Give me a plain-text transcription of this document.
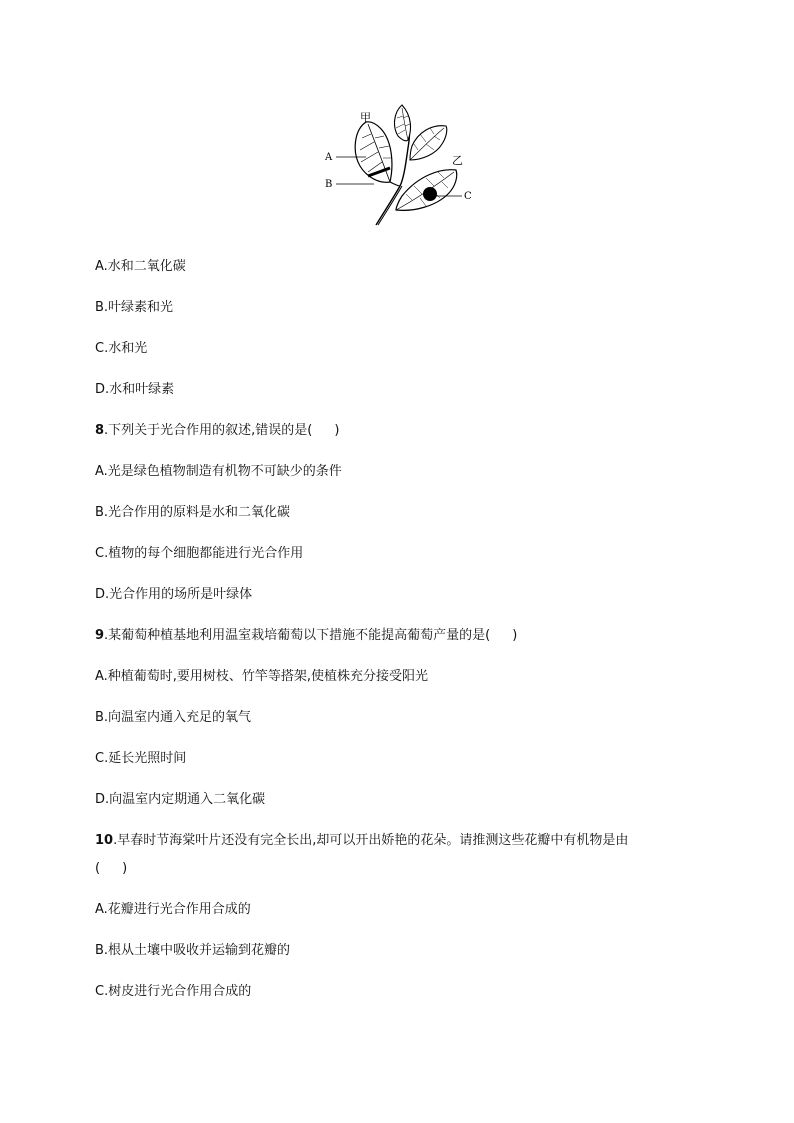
甲
乙
A
B
C
A.水和二氧化碳
B.叶绿素和光
C.水和光
D.水和叶绿素
8.下列关于光合作用的叙述,错误的是( )
A.光是绿色植物制造有机物不可缺少的条件
B.光合作用的原料是水和二氧化碳
C.植物的每个细胞都能进行光合作用
D.光合作用的场所是叶绿体
9.某葡萄种植基地利用温室栽培葡萄以下措施不能提高葡萄产量的是( )
A.种植葡萄时,要用树枝、竹竿等搭架,使植株充分接受阳光
B.向温室内通入充足的氧气
C.延长光照时间
D.向温室内定期通入二氧化碳
10.早春时节海棠叶片还没有完全长出,却可以开出娇艳的花朵。请推测这些花瓣中有机物是由
( )
A.花瓣进行光合作用合成的
B.根从土壤中吸收并运输到花瓣的
C.树皮进行光合作用合成的
